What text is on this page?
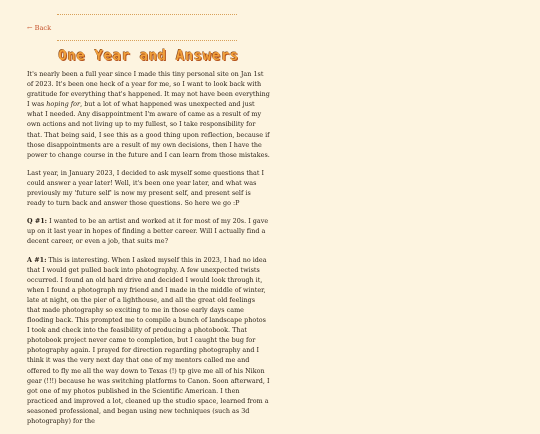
← Back
One Year and Answers

It's nearly been a full year since I made this tiny personal site on Jan 1st of 2023. It's been one heck of a year for me, so I want to look back with gratitude for everything that's happened. It may not have been everything I was hoping for, but a lot of what happened was unexpected and just what I needed. Any disappointment I'm aware of came as a result of my own actions and not living up to my fullest, so I take responsibility for that. That being said, I see this as a good thing upon reflection, because if those disappointments are a result of my own decisions, then I have the power to change course in the future and I can learn from those mistakes.

Last year, in January 2023, I decided to ask myself some questions that I could answer a year later! Well, it's been one year later, and what was previously my 'future self' is now my present self, and present self is ready to turn back and answer those questions. So here we go :P

Q #1: I wanted to be an artist and worked at it for most of my 20s. I gave up on it last year in hopes of finding a better career. Will I actually find a decent career, or even a job, that suits me?

A #1: This is interesting. When I asked myself this in 2023, I had no idea that I would get pulled back into photography. A few unexpected twists occurred. I found an old hard drive and decided I would look through it, when I found a photograph my friend and I made in the middle of winter, late at night, on the pier of a lighthouse, and all the great old feelings that made photography so exciting to me in those early days came flooding back. This prompted me to compile a bunch of landscape photos I took and check into the feasibility of producing a photobook. That photobook project never came to completion, but I caught the bug for photography again. I prayed for direction regarding photography and I think it was the very next day that one of my mentors called me and offered to fly me all the way down to Texas (!) tp give me all of his Nikon gear (!!!) because he was switching platforms to Canon. Soon afterward, I got one of my photos published in the Scientific American. I then practiced and improved a lot, cleaned up the studio space, learned from a seasoned professional, and began using new techniques (such as 3d photography) for the
